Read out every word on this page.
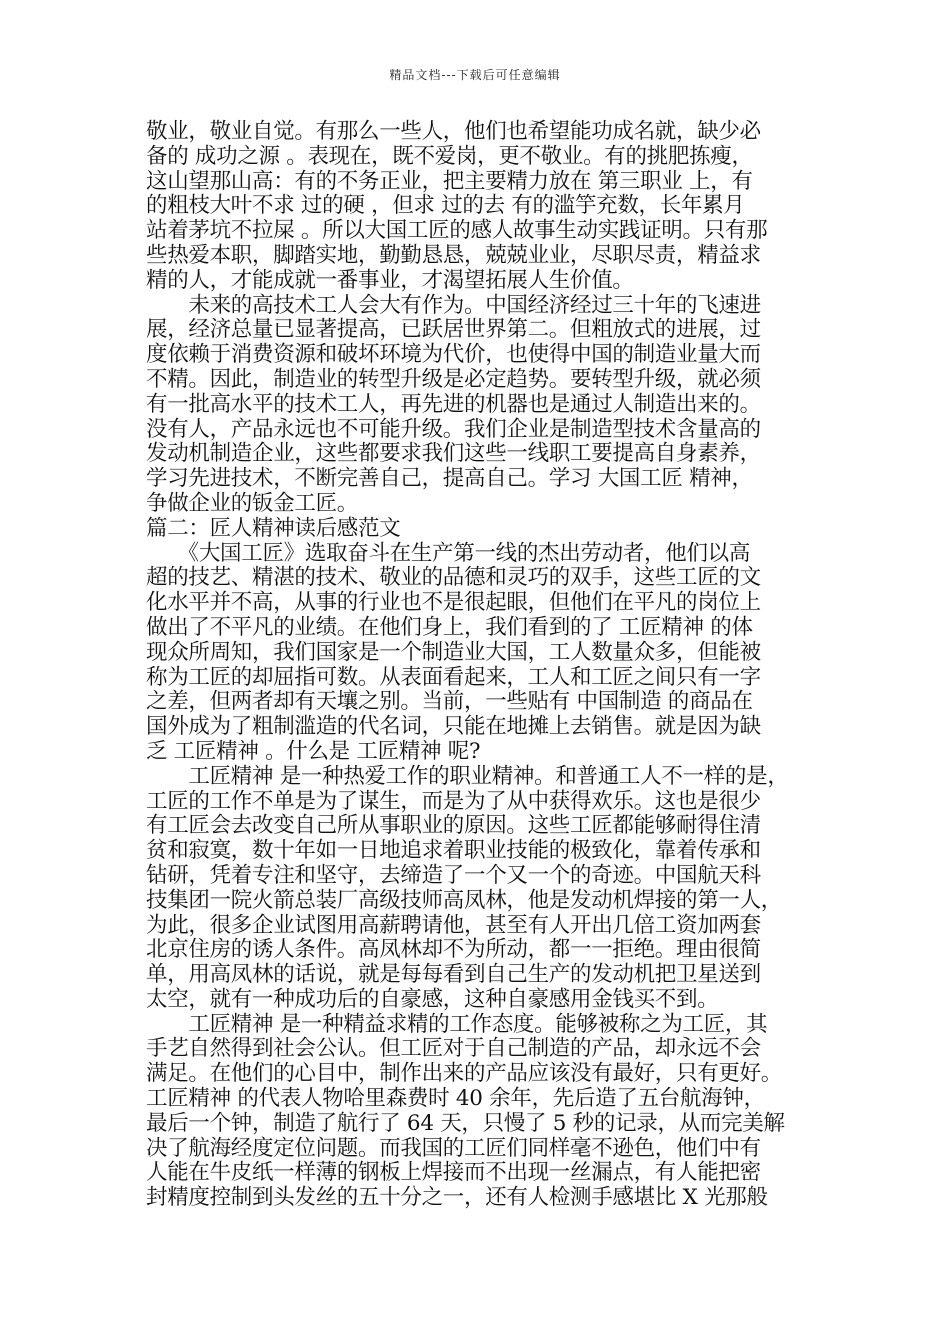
精品文档---下载后可任意编辑
敬业，敬业自觉。有那么一些人，他们也希望能功成名就，缺少必
备的 成功之源 。表现在，既不爱岗，更不敬业。有的挑肥拣瘦，
这山望那山高：有的不务正业，把主要精力放在 第三职业 上，有
的粗枝大叶不求 过的硬 ，但求 过的去 有的滥竽充数，长年累月
站着茅坑不拉屎 。所以大国工匠的感人故事生动实践证明。只有那
些热爱本职，脚踏实地，勤勤恳恳，兢兢业业，尽职尽责，精益求
精的人，才能成就一番事业，才渴望拓展人生价值。
　　未来的高技术工人会大有作为。中国经济经过三十年的飞速进
展，经济总量已显著提高，已跃居世界第二。但粗放式的进展，过
度依赖于消费资源和破坏环境为代价，也使得中国的制造业量大而
不精。因此，制造业的转型升级是必定趋势。要转型升级，就必须
有一批高水平的技术工人，再先进的机器也是通过人制造出来的。
没有人，产品永远也不可能升级。我们企业是制造型技术含量高的
发动机制造企业，这些都要求我们这些一线职工要提高自身素养，
学习先进技术，不断完善自己，提高自己。学习 大国工匠 精神，
争做企业的钣金工匠。
篇二：匠人精神读后感范文
　　《大国工匠》选取奋斗在生产第一线的杰出劳动者，他们以高
超的技艺、精湛的技术、敬业的品德和灵巧的双手，这些工匠的文
化水平并不高，从事的行业也不是很起眼，但他们在平凡的岗位上
做出了不平凡的业绩。在他们身上，我们看到的了 工匠精神 的体
现众所周知，我们国家是一个制造业大国，工人数量众多，但能被
称为工匠的却屈指可数。从表面看起来，工人和工匠之间只有一字
之差，但两者却有天壤之别。当前，一些贴有 中国制造 的商品在
国外成为了粗制滥造的代名词，只能在地摊上去销售。就是因为缺
乏 工匠精神 。什么是 工匠精神 呢?
　　工匠精神 是一种热爱工作的职业精神。和普通工人不一样的是，
工匠的工作不单是为了谋生，而是为了从中获得欢乐。这也是很少
有工匠会去改变自己所从事职业的原因。这些工匠都能够耐得住清
贫和寂寞，数十年如一日地追求着职业技能的极致化，靠着传承和
钻研，凭着专注和坚守，去缔造了一个又一个的奇迹。中国航天科
技集团一院火箭总装厂高级技师高凤林，他是发动机焊接的第一人，
为此，很多企业试图用高薪聘请他，甚至有人开出几倍工资加两套
北京住房的诱人条件。高凤林却不为所动，都一一拒绝。理由很简
单，用高凤林的话说，就是每每看到自己生产的发动机把卫星送到
太空，就有一种成功后的自豪感，这种自豪感用金钱买不到。
　　工匠精神 是一种精益求精的工作态度。能够被称之为工匠，其
手艺自然得到社会公认。但工匠对于自己制造的产品，却永远不会
满足。在他们的心目中，制作出来的产品应该没有最好，只有更好。
工匠精神 的代表人物哈里森费时 40 余年，先后造了五台航海钟，
最后一个钟，制造了航行了 64 天，只慢了 5 秒的记录，从而完美解
决了航海经度定位问题。而我国的工匠们同样毫不逊色，他们中有
人能在牛皮纸一样薄的钢板上焊接而不出现一丝漏点，有人能把密
封精度控制到头发丝的五十分之一，还有人检测手感堪比 X 光那般
